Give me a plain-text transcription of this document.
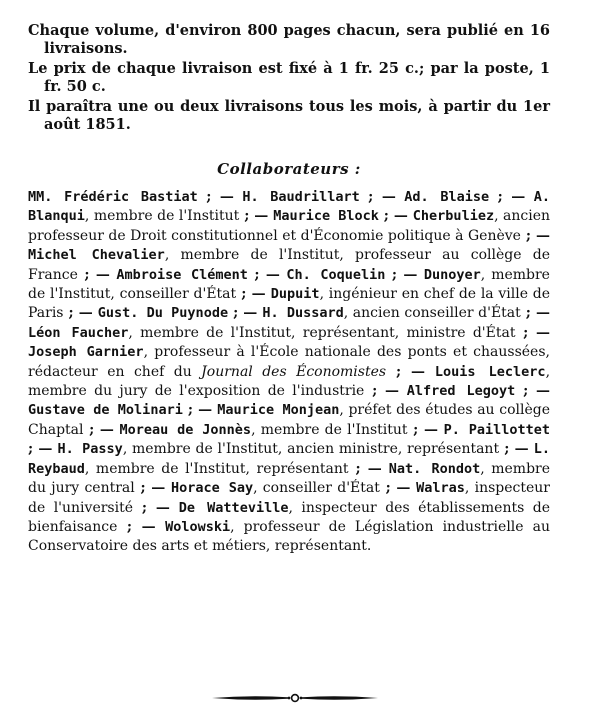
Chaque volume, d'environ 800 pages chacun, sera publié en 16 livraisons.

Le prix de chaque livraison est fixé à 1 fr. 25 c.; par la poste, 1 fr. 50 c.

Il paraîtra une ou deux livraisons tous les mois, à partir du 1er août 1851.

Collaborateurs :

MM. Frédéric Bastiat ; — H. Baudrillart ; — Ad. Blaise ; — A. Blanqui, membre de l'Institut ; — Maurice Block ; — Cherbuliez, ancien professeur de Droit constitutionnel et d'Économie politique à Genève ; — Michel Chevalier, membre de l'Institut, professeur au collège de France ; — Ambroise Clément ; — Ch. Coquelin ; — Dunoyer, membre de l'Institut, conseiller d'État ; — Dupuit, ingénieur en chef de la ville de Paris ; — Gust. Du Puynode ; — H. Dussard, ancien conseiller d'État ; — Léon Faucher, membre de l'Institut, représentant, ministre d'État ; — Joseph Garnier, professeur à l'École nationale des ponts et chaussées, rédacteur en chef du Journal des Économistes ; — Louis Leclerc, membre du jury de l'exposition de l'industrie ; — Alfred Legoyt ; — Gustave de Molinari ; — Maurice Monjean, préfet des études au collège Chaptal ; — Moreau de Jonnès, membre de l'Institut ; — P. Paillottet ; — H. Passy, membre de l'Institut, ancien ministre, représentant ; — L. Reybaud, membre de l'Institut, représentant ; — Nat. Rondot, membre du jury central ; — Horace Say, conseiller d'État ; — Walras, inspecteur de l'université ; — De Watteville, inspecteur des établissements de bienfaisance ; — Wolowski, professeur de Législation industrielle au Conservatoire des arts et métiers, représentant.
